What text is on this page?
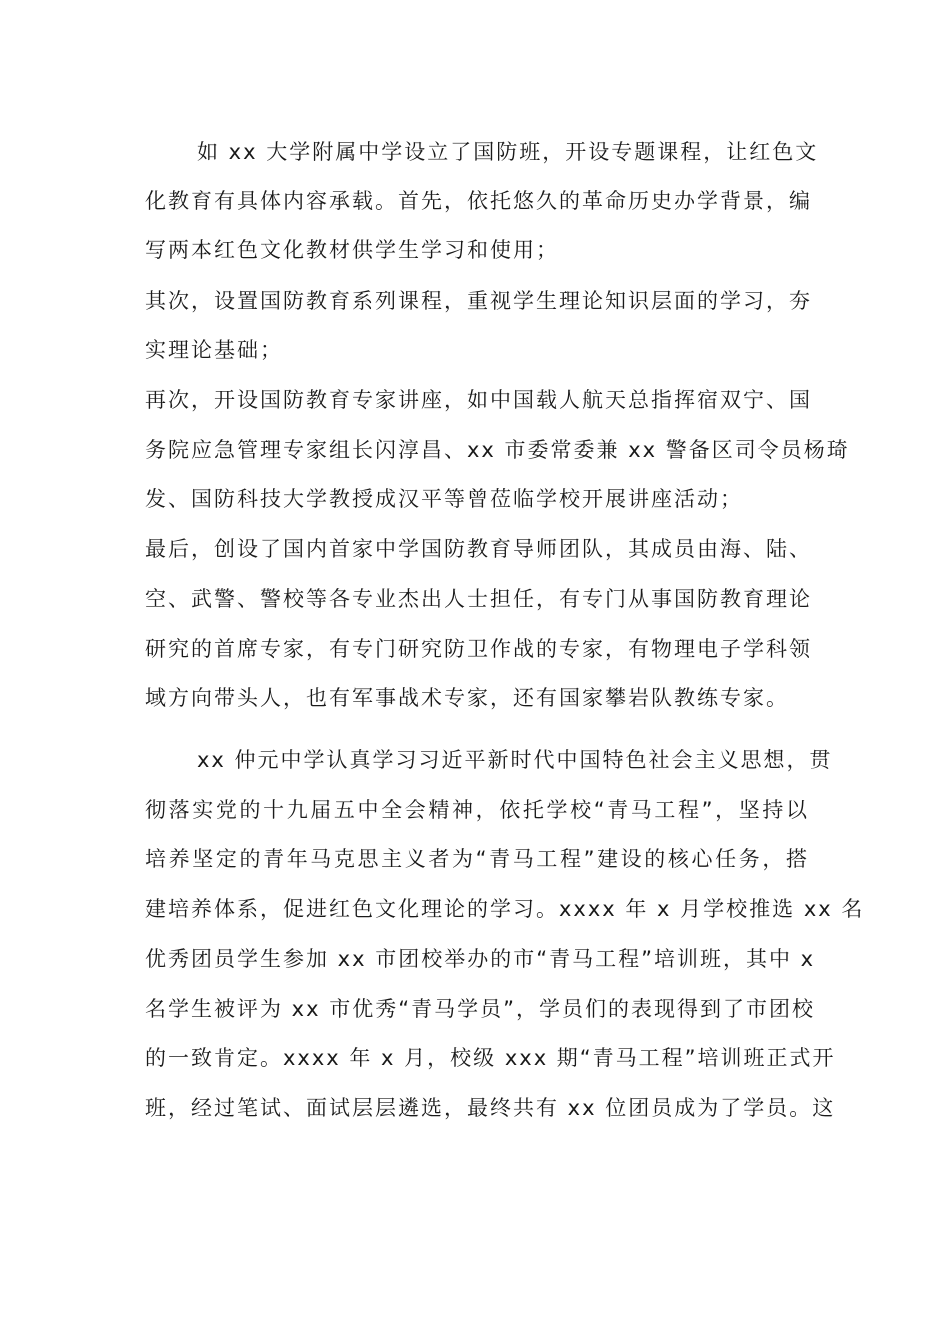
如 xx 大学附属中学设立了国防班，开设专题课程，让红色文
化教育有具体内容承载。首先，依托悠久的革命历史办学背景，编
写两本红色文化教材供学生学习和使用；
其次，设置国防教育系列课程，重视学生理论知识层面的学习，夯
实理论基础；
再次，开设国防教育专家讲座，如中国载人航天总指挥宿双宁、国
务院应急管理专家组长闪淳昌、xx 市委常委兼 xx 警备区司令员杨琦
发、国防科技大学教授成汉平等曾莅临学校开展讲座活动；
最后，创设了国内首家中学国防教育导师团队，其成员由海、陆、
空、武警、警校等各专业杰出人士担任，有专门从事国防教育理论
研究的首席专家，有专门研究防卫作战的专家，有物理电子学科领
域方向带头人，也有军事战术专家，还有国家攀岩队教练专家。
xx 仲元中学认真学习习近平新时代中国特色社会主义思想，贯
彻落实党的十九届五中全会精神，依托学校“青马工程”，坚持以
培养坚定的青年马克思主义者为“青马工程”建设的核心任务，搭
建培养体系，促进红色文化理论的学习。xxxx 年 x 月学校推选 xx 名
优秀团员学生参加 xx 市团校举办的市“青马工程”培训班，其中 x
名学生被评为 xx 市优秀“青马学员”，学员们的表现得到了市团校
的一致肯定。xxxx 年 x 月，校级 xxx 期“青马工程”培训班正式开
班，经过笔试、面试层层遴选，最终共有 xx 位团员成为了学员。这
